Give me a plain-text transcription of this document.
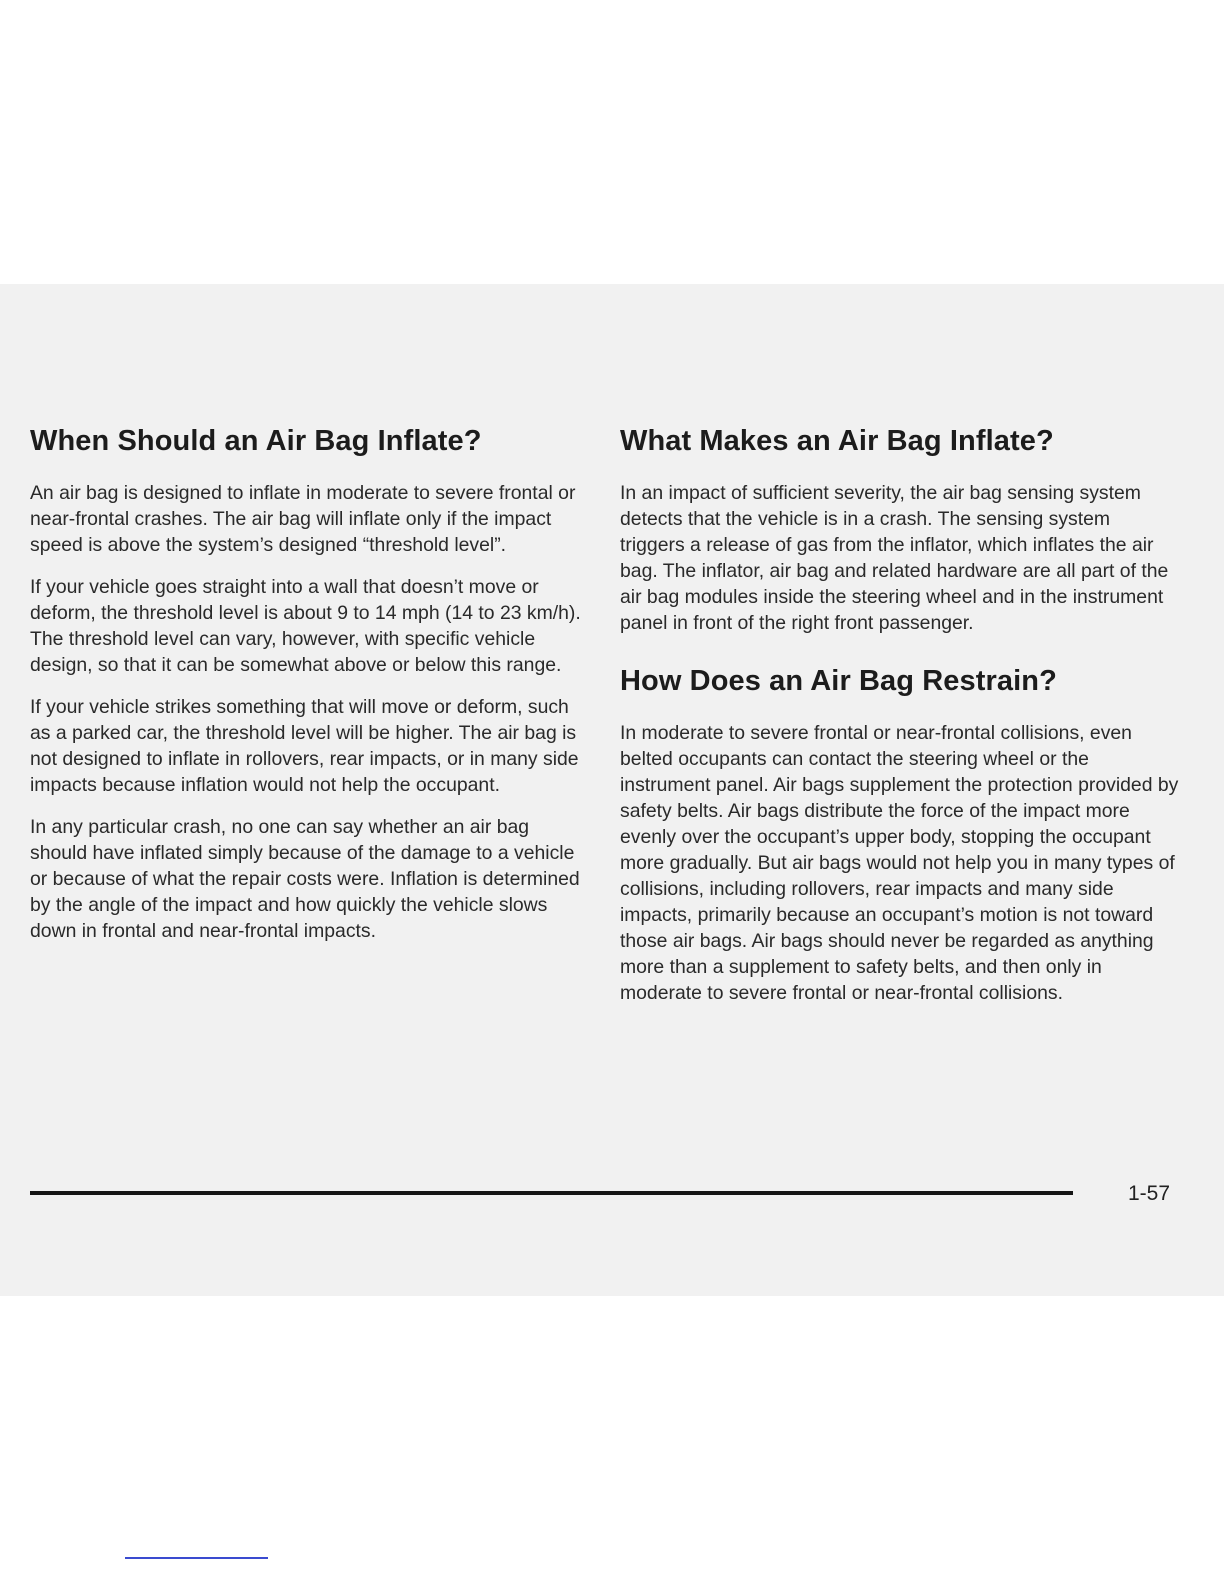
When Should an Air Bag Inflate?

An air bag is designed to inflate in moderate to severe frontal or near-frontal crashes. The air bag will inflate only if the impact speed is above the system’s designed “threshold level”.

If your vehicle goes straight into a wall that doesn’t move or deform, the threshold level is about 9 to 14 mph (14 to 23 km/h). The threshold level can vary, however, with specific vehicle design, so that it can be somewhat above or below this range.

If your vehicle strikes something that will move or deform, such as a parked car, the threshold level will be higher. The air bag is not designed to inflate in rollovers, rear impacts, or in many side impacts because inflation would not help the occupant.

In any particular crash, no one can say whether an air bag should have inflated simply because of the damage to a vehicle or because of what the repair costs were. Inflation is determined by the angle of the impact and how quickly the vehicle slows down in frontal and near-frontal impacts.

What Makes an Air Bag Inflate?

In an impact of sufficient severity, the air bag sensing system detects that the vehicle is in a crash. The sensing system triggers a release of gas from the inflator, which inflates the air bag. The inflator, air bag and related hardware are all part of the air bag modules inside the steering wheel and in the instrument panel in front of the right front passenger.

How Does an Air Bag Restrain?

In moderate to severe frontal or near-frontal collisions, even belted occupants can contact the steering wheel or the instrument panel. Air bags supplement the protection provided by safety belts. Air bags distribute the force of the impact more evenly over the occupant’s upper body, stopping the occupant more gradually. But air bags would not help you in many types of collisions, including rollovers, rear impacts and many side impacts, primarily because an occupant’s motion is not toward those air bags. Air bags should never be regarded as anything more than a supplement to safety belts, and then only in moderate to severe frontal or near-frontal collisions.

1-57
